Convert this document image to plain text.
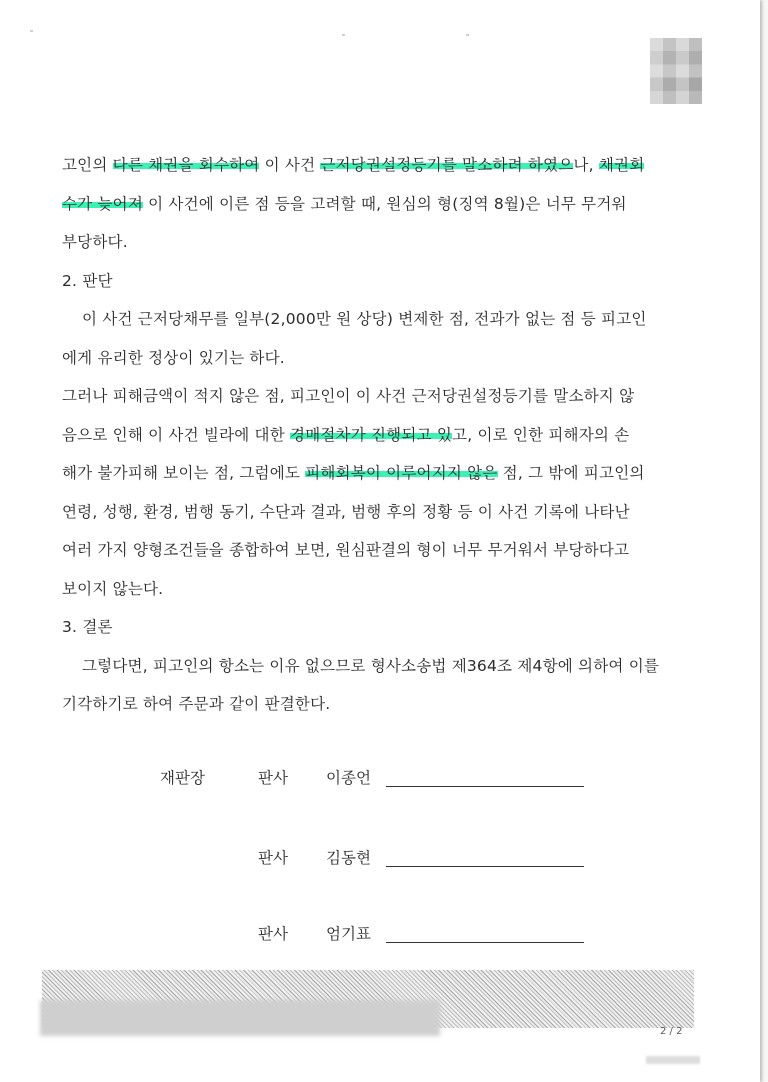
고인의 다른 채권을 회수하여 이 사건 근저당권설정등기를 말소하려 하였으나, 채권회
수가 늦어져 이 사건에 이른 점 등을 고려할 때, 원심의 형(징역 8월)은 너무 무거워
부당하다.
2. 판단
이 사건 근저당채무를 일부(2,000만 원 상당) 변제한 점, 전과가 없는 점 등 피고인
에게 유리한 정상이 있기는 하다.
그러나 피해금액이 적지 않은 점, 피고인이 이 사건 근저당권설정등기를 말소하지 않
음으로 인해 이 사건 빌라에 대한 경매절차가 진행되고 있고, 이로 인한 피해자의 손
해가 불가피해 보이는 점, 그럼에도 피해회복이 이루어지지 않은 점, 그 밖에 피고인의
연령, 성행, 환경, 범행 동기, 수단과 결과, 범행 후의 정황 등 이 사건 기록에 나타난
여러 가지 양형조건들을 종합하여 보면, 원심판결의 형이 너무 무거워서 부당하다고
보이지 않는다.
3. 결론
그렇다면, 피고인의 항소는 이유 없으므로 형사소송법 제364조 제4항에 의하여 이를
기각하기로 하여 주문과 같이 판결한다.
재판장	판사 이종언
판사 김동현
판사 엄기표
2 / 2
